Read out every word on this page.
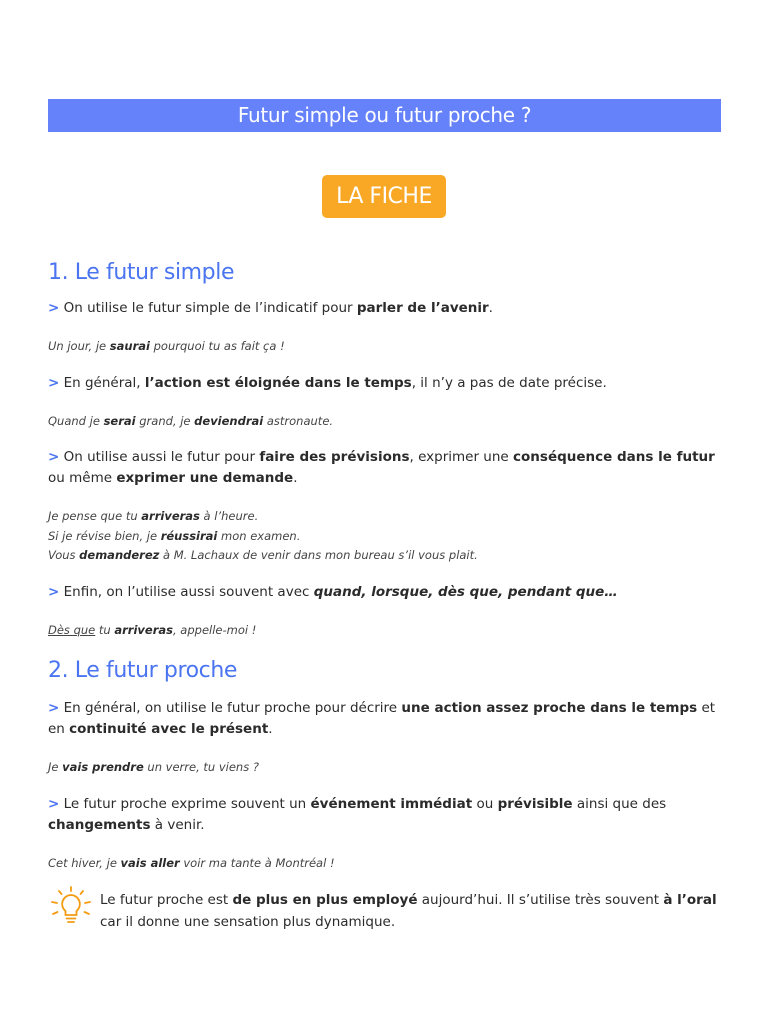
Futur simple ou futur proche ?
LA FICHE
1. Le futur simple

> On utilise le futur simple de l’indicatif pour parler de l’avenir.

Un jour, je saurai pourquoi tu as fait ça !

> En général, l’action est éloignée dans le temps, il n’y a pas de date précise.

Quand je serai grand, je deviendrai astronaute.

> On utilise aussi le futur pour faire des prévisions, exprimer une conséquence dans le futur ou même exprimer une demande.

Je pense que tu arriveras à l’heure.
Si je révise bien, je réussirai mon examen.
Vous demanderez à M. Lachaux de venir dans mon bureau s’il vous plait.

> Enfin, on l’utilise aussi souvent avec quand, lorsque, dès que, pendant que…

Dès que tu arriveras, appelle-moi !

2. Le futur proche

> En général, on utilise le futur proche pour décrire une action assez proche dans le temps et en continuité avec le présent.

Je vais prendre un verre, tu viens ?

> Le futur proche exprime souvent un événement immédiat ou prévisible ainsi que des changements à venir.

Cet hiver, je vais aller voir ma tante à Montréal !

Le futur proche est de plus en plus employé aujourd’hui. Il s’utilise très souvent à l’oral car il donne une sensation plus dynamique.
